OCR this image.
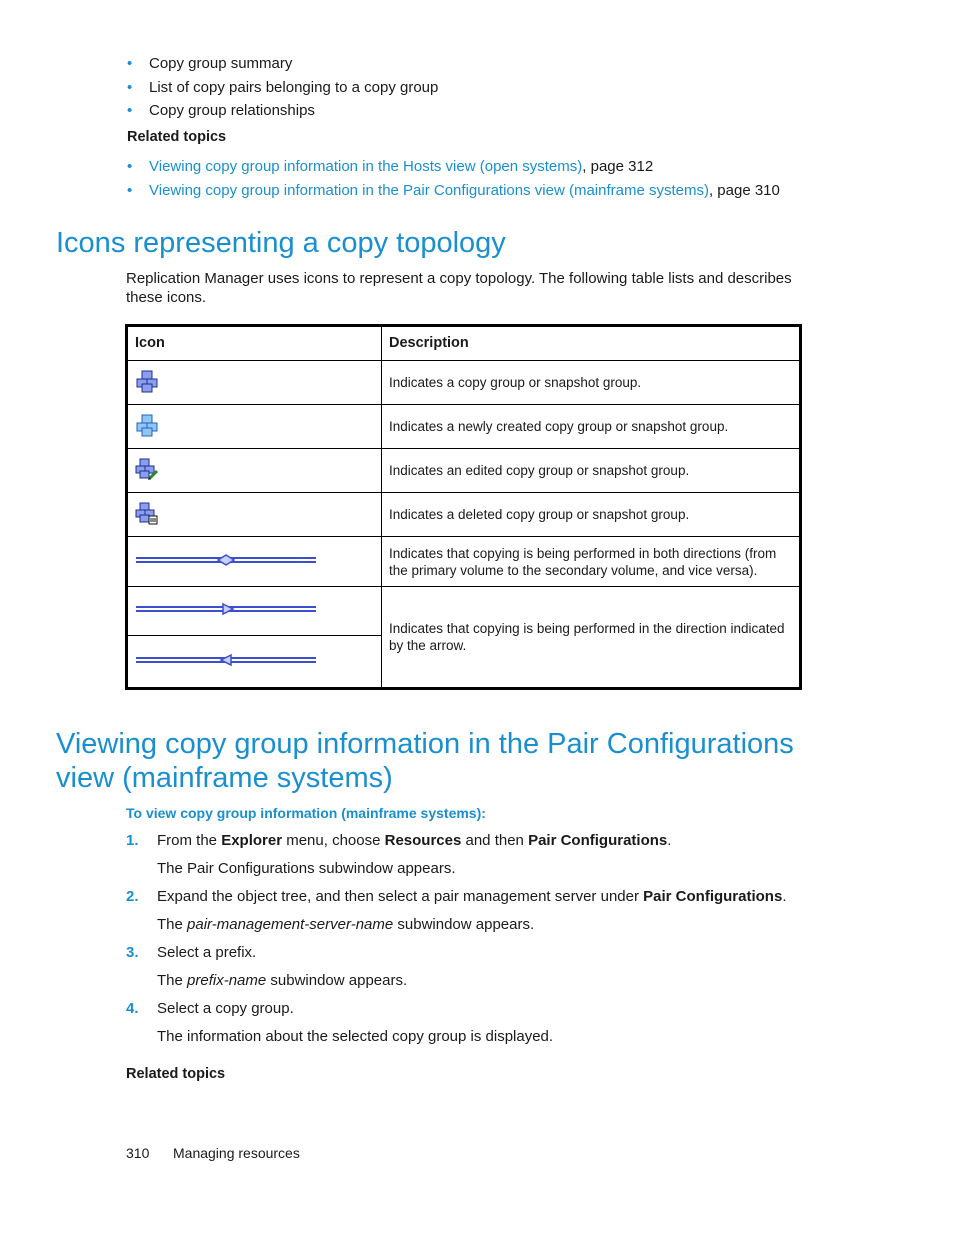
• Copy group summary
• List of copy pairs belonging to a copy group
• Copy group relationships
Related topics
• Viewing copy group information in the Hosts view (open systems), page 312
• Viewing copy group information in the Pair Configurations view (mainframe systems), page 310
Icons representing a copy topology
Replication Manager uses icons to represent a copy topology. The following table lists and describes these icons.
Icon	Description
	Indicates a copy group or snapshot group.
	Indicates a newly created copy group or snapshot group.
	Indicates an edited copy group or snapshot group.
	Indicates a deleted copy group or snapshot group.
	Indicates that copying is being performed in both directions (from the primary volume to the secondary volume, and vice versa).
	Indicates that copying is being performed in the direction indicated by the arrow.

Viewing copy group information in the Pair Configurations
view (mainframe systems)
To view copy group information (mainframe systems):
1. From the Explorer menu, choose Resources and then Pair Configurations.
The Pair Configurations subwindow appears.
2. Expand the object tree, and then select a pair management server under Pair Configurations.
The pair-management-server-name subwindow appears.
3. Select a prefix.
The prefix-name subwindow appears.
4. Select a copy group.
The information about the selected copy group is displayed.
Related topics
310 Managing resources
